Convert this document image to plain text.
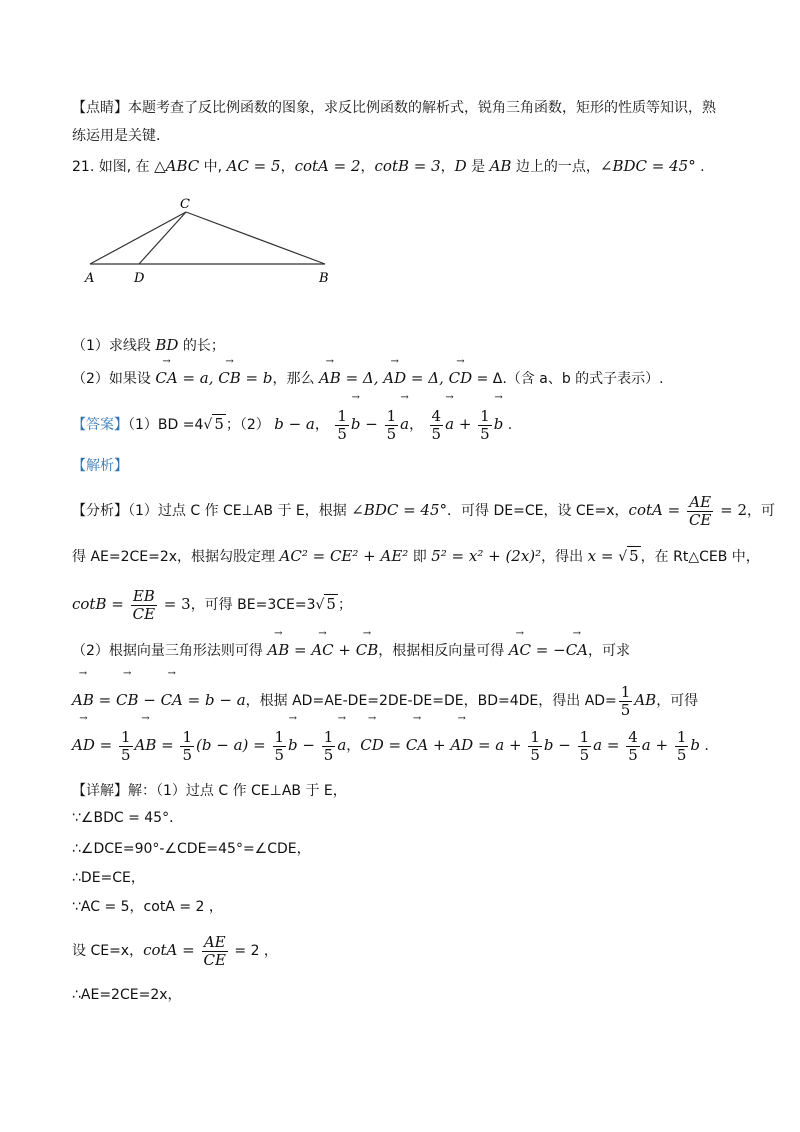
【点睛】本题考查了反比例函数的图象，求反比例函数的解析式，锐角三角函数，矩形的性质等知识，熟
练运用是关键．
21. 如图, 在 △ABC 中, AC = 5，cotA = 2，cotB = 3，D 是 AB 边上的一点，∠BDC = 45° .
C
A	D	B
（1）求线段 BD 的长；
（2）如果设 → CA = a, → CB = b，那么 → AB = Δ, → AD = Δ, → CD = Δ.（含 a、b 的式子表示）.
【答案】（1）BD =4√ 5 ；（2） b − a， $\frac{1}{5}$
→ $b - \frac{1}{5}$
→ a， $\frac{4}{5}$
→ $a + \frac{1}{5}$
→ b .
【解析】
【分析】（1）过点 C 作 CE⊥AB 于 E，根据 ∠BDC = 45°．可得 DE=CE，设 CE=x，$\cot A = \frac{AE}{CE} = 2$，可
得 AE=2CE=2x，根据勾股定理 AC² = CE² + AE² 即 5² = x² + (2x)²，得出 x = √ 5 ，在 Rt△CEB 中，
$\cot B = \frac{EB}{CE} = 3$，可得 BE=3CE=3√ 5 ；
（2）根据向量三角形法则可得 → AB = → AC + → CB，根据相反向量可得 → AC = −→ CA，可求
→ AB = → CB − → CA = b − a，根据 AD=AE-DE=2DE-DE=DE，BD=4DE，得出 $AD= \frac{1}{5}$ AB，可得
→ AD = $\frac{1}{5}$
→ AB = $\frac{1}{5} (b - a) = \frac{1}{5}$
→ $b - \frac{1}{5}$
→ a，→ CD = → CA + → AD = $a + \frac{1}{5}$ $b - \frac{1}{5}$ $a = \frac{4}{5}$ $a + \frac{1}{5}$ b .
【详解】解：（1）过点 C 作 CE⊥AB 于 E，
∵∠BDC = 45°．
∴∠DCE=90°-∠CDE=45°=∠CDE，
∴DE=CE，
∵AC = 5，cotA = 2 ，
设 CE=x，$\cot A = \frac{AE}{CE} = 2$ ，
∴AE=2CE=2x，
